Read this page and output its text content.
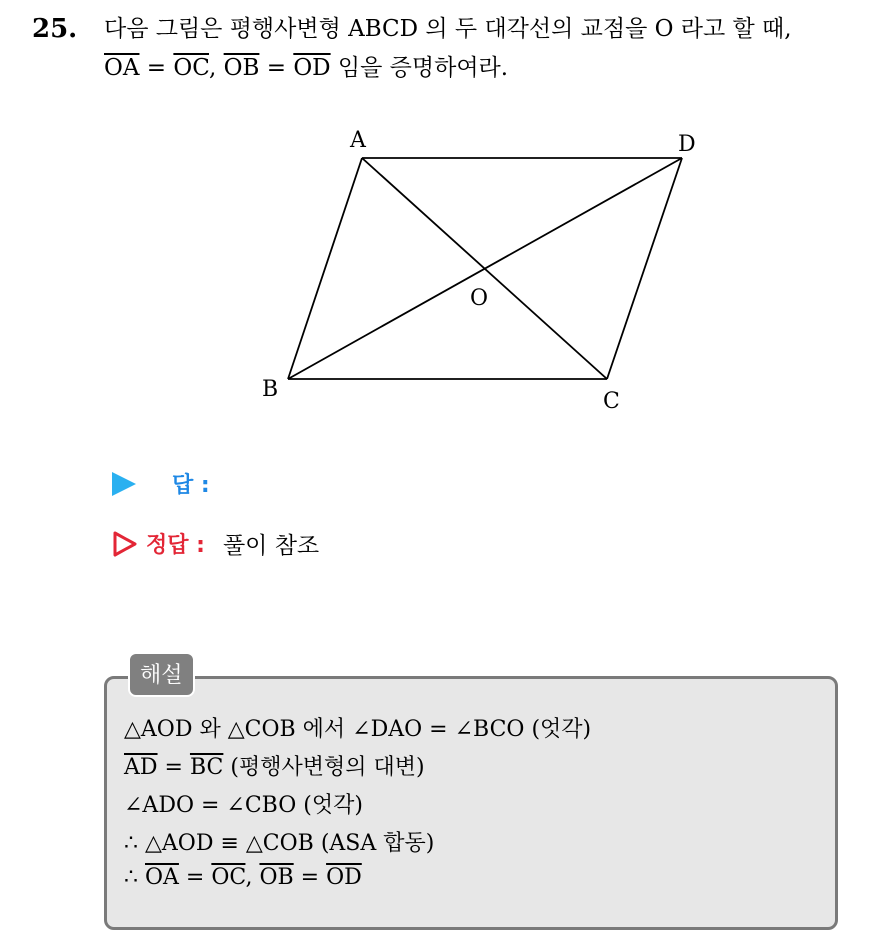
25. 다음 그림은 평행사변형 ABCD 의 두 대각선의 교점을 O 라고 할 때,
$\overline{OA} = \overline{OC}$, $\overline{OB} = \overline{OD}$ 임을 증명하여라.
A	D
O
B	C
답 :
정답 : 풀이 참조
해설
△AOD 와 △COB 에서 ∠DAO = ∠BCO (엇각)
$\overline{AD} = \overline{BC}$ (평행사변형의 대변)
∠ADO = ∠CBO (엇각)
∴ △AOD ≡ △COB (ASA 합동)
∴ $\overline{OA} = \overline{OC}$, $\overline{OB} = \overline{OD}$
